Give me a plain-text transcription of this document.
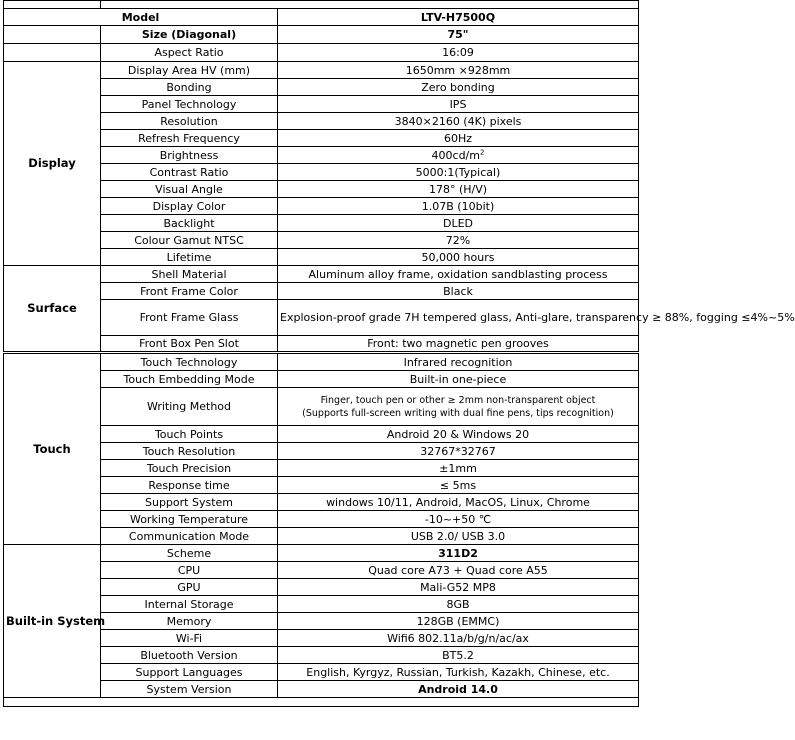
Model		LTV-H7500Q
	Size (Diagonal)	75"
	Aspect Ratio	16:09
Display	Display Area HV (mm)	1650mm ×928mm
	Bonding	Zero bonding
	Panel Technology	IPS
	Resolution	3840×2160 (4K) pixels
	Refresh Frequency	60Hz
	Brightness	$400cd/m^2$
	Contrast Ratio	5000:1(Typical)
	Visual Angle	178° (H/V)
	Display Color	1.07B (10bit)
	Backlight	DLED
	Colour Gamut NTSC	72%
	Lifetime	50,000 hours
Surface	Shell Material	Aluminum alloy frame, oxidation sandblasting process
	Front Frame Color	Black
	Front Frame Glass	Explosion-proof grade 7H tempered glass, Anti-glare, transparency ≥ 88%, fogging ≤4%~5%
	Front Box Pen Slot	Front: two magnetic pen grooves
Touch	Touch Technology	Infrared recognition
	Touch Embedding Mode	Built-in one-piece
	Writing Method	Finger, touch pen or other ≥ 2mm non-transparent object
(Supports full-screen writing with dual fine pens, tips recognition)

	Touch Points	Android 20 & Windows 20
	Touch Resolution	32767*32767
	Touch Precision	±1mm
	Response time	≤ 5ms
	Support System	windows 10/11, Android, MacOS, Linux, Chrome
	Working Temperature	-10~+50 ℃
	Communication Mode	USB 2.0/ USB 3.0
Built-in System	Scheme	311D2
	CPU	Quad core A73 + Quad core A55
	GPU	Mali-G52 MP8
	Internal Storage	8GB
	Memory	128GB (EMMC)
	Wi-Fi	Wifi6 802.11a/b/g/n/ac/ax
	Bluetooth Version	BT5.2
	Support Languages	English, Kyrgyz, Russian, Turkish, Kazakh, Chinese, etc.
	System Version	Android 14.0
